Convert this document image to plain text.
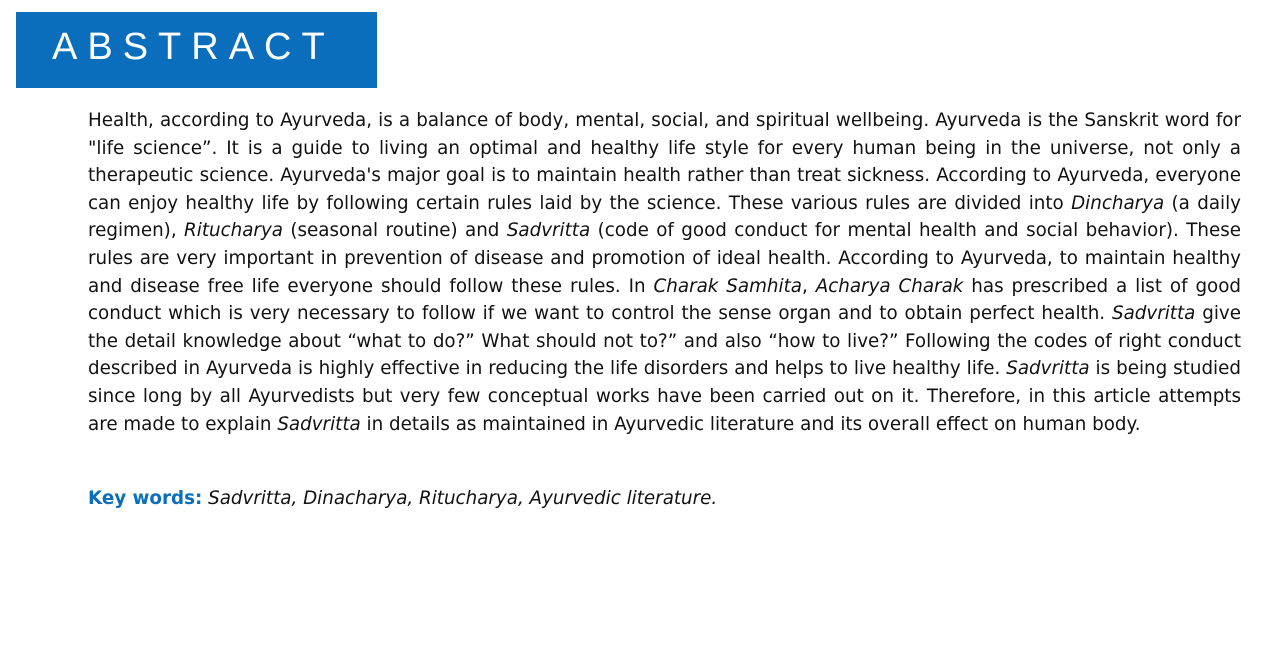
ABSTRACT

Health, according to Ayurveda, is a balance of body, mental, social, and spiritual wellbeing. Ayurveda is the Sanskrit word for "life science”. It is a guide to living an optimal and healthy life style for every human being in the universe, not only a therapeutic science. Ayurveda's major goal is to maintain health rather than treat sickness. According to Ayurveda, everyone can enjoy healthy life by following certain rules laid by the science. These various rules are divided into Dincharya (a daily regimen), Ritucharya (seasonal routine) and Sadvritta (code of good conduct for mental health and social behavior). These rules are very important in prevention of disease and promotion of ideal health. According to Ayurveda, to maintain healthy and disease free life everyone should follow these rules. In Charak Samhita, Acharya Charak has prescribed a list of good conduct which is very necessary to follow if we want to control the sense organ and to obtain perfect health. Sadvritta give the detail knowledge about “what to do?” What should not to?” and also “how to live?” Following the codes of right conduct described in Ayurveda is highly effective in reducing the life disorders and helps to live healthy life. Sadvritta is being studied since long by all Ayurvedists but very few conceptual works have been carried out on it. Therefore, in this article attempts are made to explain Sadvritta in details as maintained in Ayurvedic literature and its overall effect on human body.

Key words: Sadvritta, Dinacharya, Ritucharya, Ayurvedic literature.
